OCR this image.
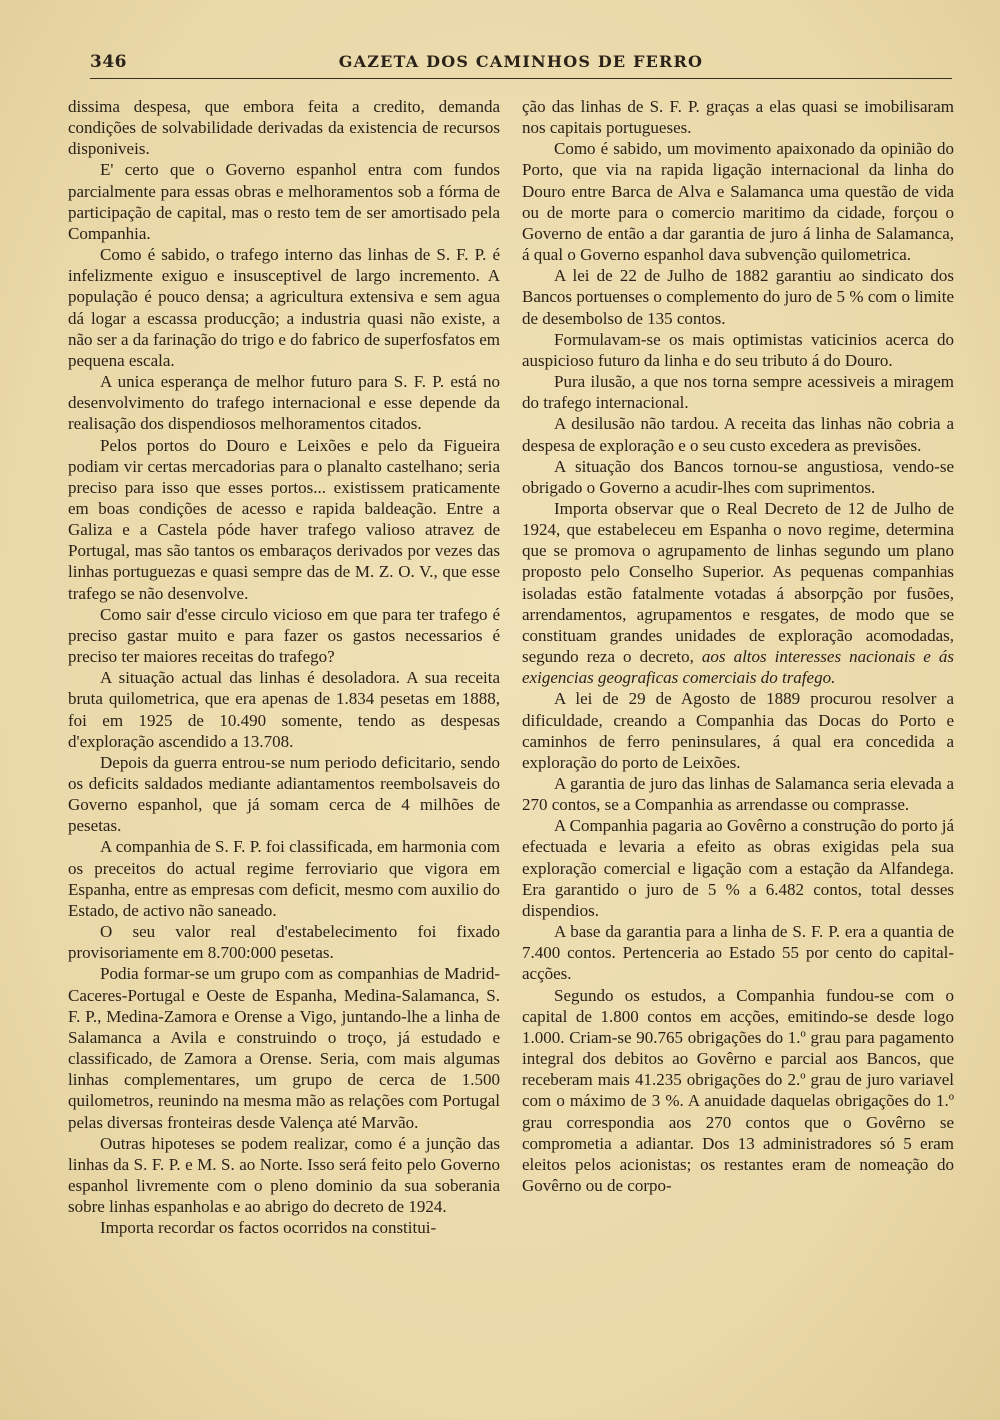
346	GAZETA DOS CAMINHOS DE FERRO

dissima despesa, que embora feita a credito, demanda condições de solvabilidade derivadas da existencia de recursos disponiveis.

E' certo que o Governo espanhol entra com fundos parcialmente para essas obras e melhoramentos sob a fórma de participação de capital, mas o resto tem de ser amortisado pela Companhia.

Como é sabido, o trafego interno das linhas de S. F. P. é infelizmente exiguo e insusceptivel de largo incremento. A população é pouco densa; a agricultura extensiva e sem agua dá logar a escassa producção; a industria quasi não existe, a não ser a da farinação do trigo e do fabrico de superfosfatos em pequena escala.

A unica esperança de melhor futuro para S. F. P. está no desenvolvimento do trafego internacional e esse depende da realisação dos dispendiosos melhoramentos citados.

Pelos portos do Douro e Leixões e pelo da Figueira podiam vir certas mercadorias para o planalto castelhano; seria preciso para isso que esses portos... existissem praticamente em boas condições de acesso e rapida baldeação. Entre a Galiza e a Castela póde haver trafego valioso atravez de Portugal, mas são tantos os embaraços derivados por vezes das linhas portuguezas e quasi sempre das de M. Z. O. V., que esse trafego se não desenvolve.

Como sair d'esse circulo vicioso em que para ter trafego é preciso gastar muito e para fazer os gastos necessarios é preciso ter maiores receitas do trafego?

A situação actual das linhas é desoladora. A sua receita bruta quilometrica, que era apenas de 1.834 pesetas em 1888, foi em 1925 de 10.490 somente, tendo as despesas d'exploração ascendido a 13.708.

Depois da guerra entrou-se num periodo deficitario, sendo os deficits saldados mediante adiantamentos reembolsaveis do Governo espanhol, que já somam cerca de 4 milhões de pesetas.

A companhia de S. F. P. foi classificada, em harmonia com os preceitos do actual regime ferroviario que vigora em Espanha, entre as empresas com deficit, mesmo com auxilio do Estado, de activo não saneado.

O seu valor real d'estabelecimento foi fixado provisoriamente em 8.700:000 pesetas.

Podia formar-se um grupo com as companhias de Madrid-Caceres-Portugal e Oeste de Espanha, Medina-Salamanca, S. F. P., Medina-Zamora e Orense a Vigo, juntando-lhe a linha de Salamanca a Avila e construindo o troço, já estudado e classificado, de Zamora a Orense. Seria, com mais algumas linhas complementares, um grupo de cerca de 1.500 quilometros, reunindo na mesma mão as relações com Portugal pelas diversas fronteiras desde Valença até Marvão.

Outras hipoteses se podem realizar, como é a junção das linhas da S. F. P. e M. S. ao Norte. Isso será feito pelo Governo espanhol livremente com o pleno dominio da sua soberania sobre linhas espanholas e ao abrigo do decreto de 1924.

Importa recordar os factos ocorridos na constitui-

ção das linhas de S. F. P. graças a elas quasi se imobilisaram nos capitais portugueses.

Como é sabido, um movimento apaixonado da opinião do Porto, que via na rapida ligação internacional da linha do Douro entre Barca de Alva e Salamanca uma questão de vida ou de morte para o comercio maritimo da cidade, forçou o Governo de então a dar garantia de juro á linha de Salamanca, á qual o Governo espanhol dava subvenção quilometrica.

A lei de 22 de Julho de 1882 garantiu ao sindicato dos Bancos portuenses o complemento do juro de 5 % com o limite de desembolso de 135 contos.

Formulavam-se os mais optimistas vaticinios acerca do auspicioso futuro da linha e do seu tributo á do Douro.

Pura ilusão, a que nos torna sempre acessiveis a miragem do trafego internacional.

A desilusão não tardou. A receita das linhas não cobria a despesa de exploração e o seu custo excedera as previsões.

A situação dos Bancos tornou-se angustiosa, vendo-se obrigado o Governo a acudir-lhes com suprimentos.

Importa observar que o Real Decreto de 12 de Julho de 1924, que estabeleceu em Espanha o novo regime, determina que se promova o agrupamento de linhas segundo um plano proposto pelo Conselho Superior. As pequenas companhias isoladas estão fatalmente votadas á absorpção por fusões, arrendamentos, agrupamentos e resgates, de modo que se constituam grandes unidades de exploração acomodadas, segundo reza o decreto, aos altos interesses nacionais e ás exigencias geograficas comerciais do trafego.

A lei de 29 de Agosto de 1889 procurou resolver a dificuldade, creando a Companhia das Docas do Porto e caminhos de ferro peninsulares, á qual era concedida a exploração do porto de Leixões.

A garantia de juro das linhas de Salamanca seria elevada a 270 contos, se a Companhia as arrendasse ou comprasse.

A Companhia pagaria ao Govêrno a construção do porto já efectuada e levaria a efeito as obras exigidas pela sua exploração comercial e ligação com a estação da Alfandega. Era garantido o juro de 5 % a 6.482 contos, total desses dispendios.

A base da garantia para a linha de S. F. P. era a quantia de 7.400 contos. Pertenceria ao Estado 55 por cento do capital-acções.

Segundo os estudos, a Companhia fundou-se com o capital de 1.800 contos em acções, emitindo-se desde logo 1.000. Criam-se 90.765 obrigações do 1.º grau para pagamento integral dos debitos ao Govêrno e parcial aos Bancos, que receberam mais 41.235 obrigações do 2.º grau de juro variavel com o máximo de 3 %. A anuidade daquelas obrigações do 1.º grau correspondia aos 270 contos que o Govêrno se comprometia a adiantar. Dos 13 administradores só 5 eram eleitos pelos acionistas; os restantes eram de nomeação do Govêrno ou de corpo-
